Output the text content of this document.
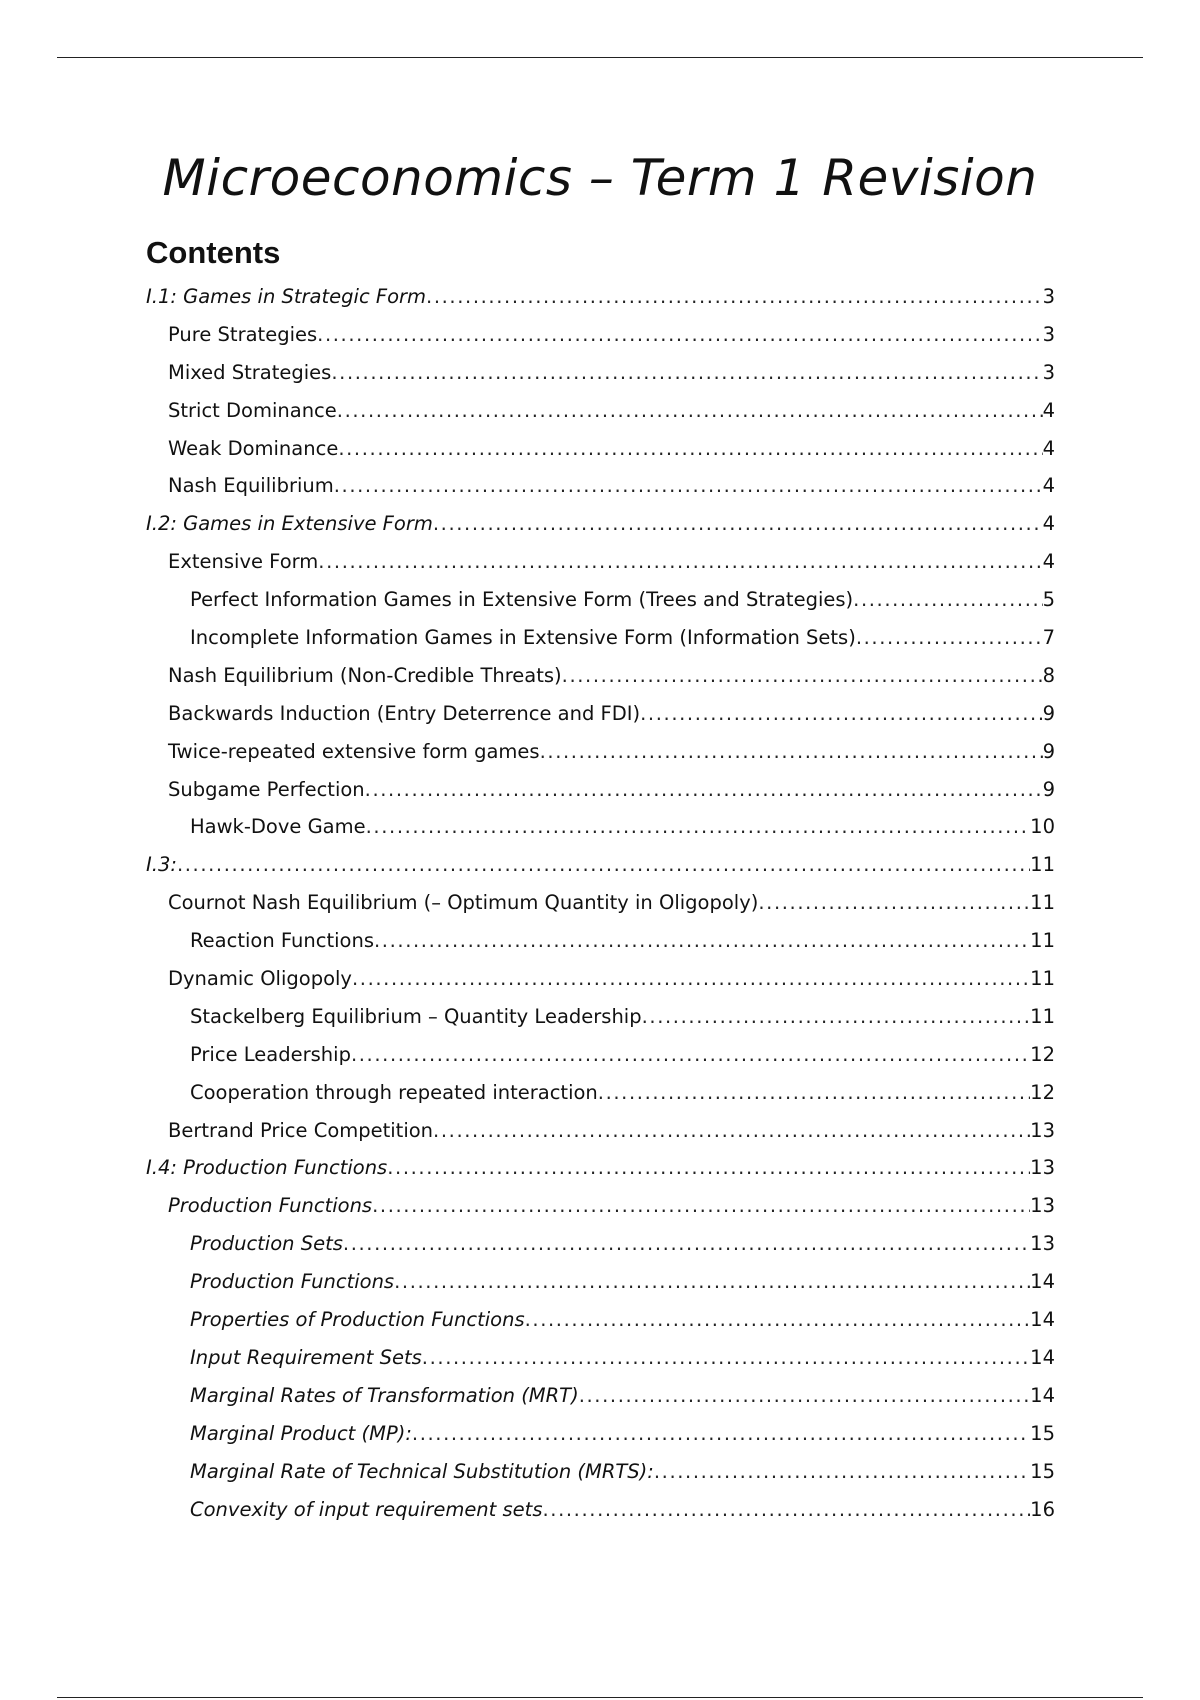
Microeconomics – Term 1 Revision
Contents
I.1: Games in Strategic Form .....	3
Pure Strategies .....	3
Mixed Strategies .....	3
Strict Dominance .....	4
Weak Dominance .....	4
Nash Equilibrium .....	4
I.2: Games in Extensive Form .....	4
Extensive Form .....	4
Perfect Information Games in Extensive Form (Trees and Strategies) .....	5
Incomplete Information Games in Extensive Form (Information Sets) .....	7
Nash Equilibrium (Non-Credible Threats) .....	8
Backwards Induction (Entry Deterrence and FDI) .....	9
Twice-repeated extensive form games .....	9
Subgame Perfection .....	9
Hawk-Dove Game .....	10
I.3: .....	11
Cournot Nash Equilibrium (– Optimum Quantity in Oligopoly) .....	11
Reaction Functions .....	11
Dynamic Oligopoly .....	11
Stackelberg Equilibrium – Quantity Leadership .....	11
Price Leadership .....	12
Cooperation through repeated interaction .....	12
Bertrand Price Competition .....	13
I.4: Production Functions .....	13
Production Functions .....	13
Production Sets .....	13
Production Functions .....	14
Properties of Production Functions .....	14
Input Requirement Sets .....	14
Marginal Rates of Transformation (MRT) .....	14
Marginal Product (MP): .....	15
Marginal Rate of Technical Substitution (MRTS): .....	15
Convexity of input requirement sets .....	16
